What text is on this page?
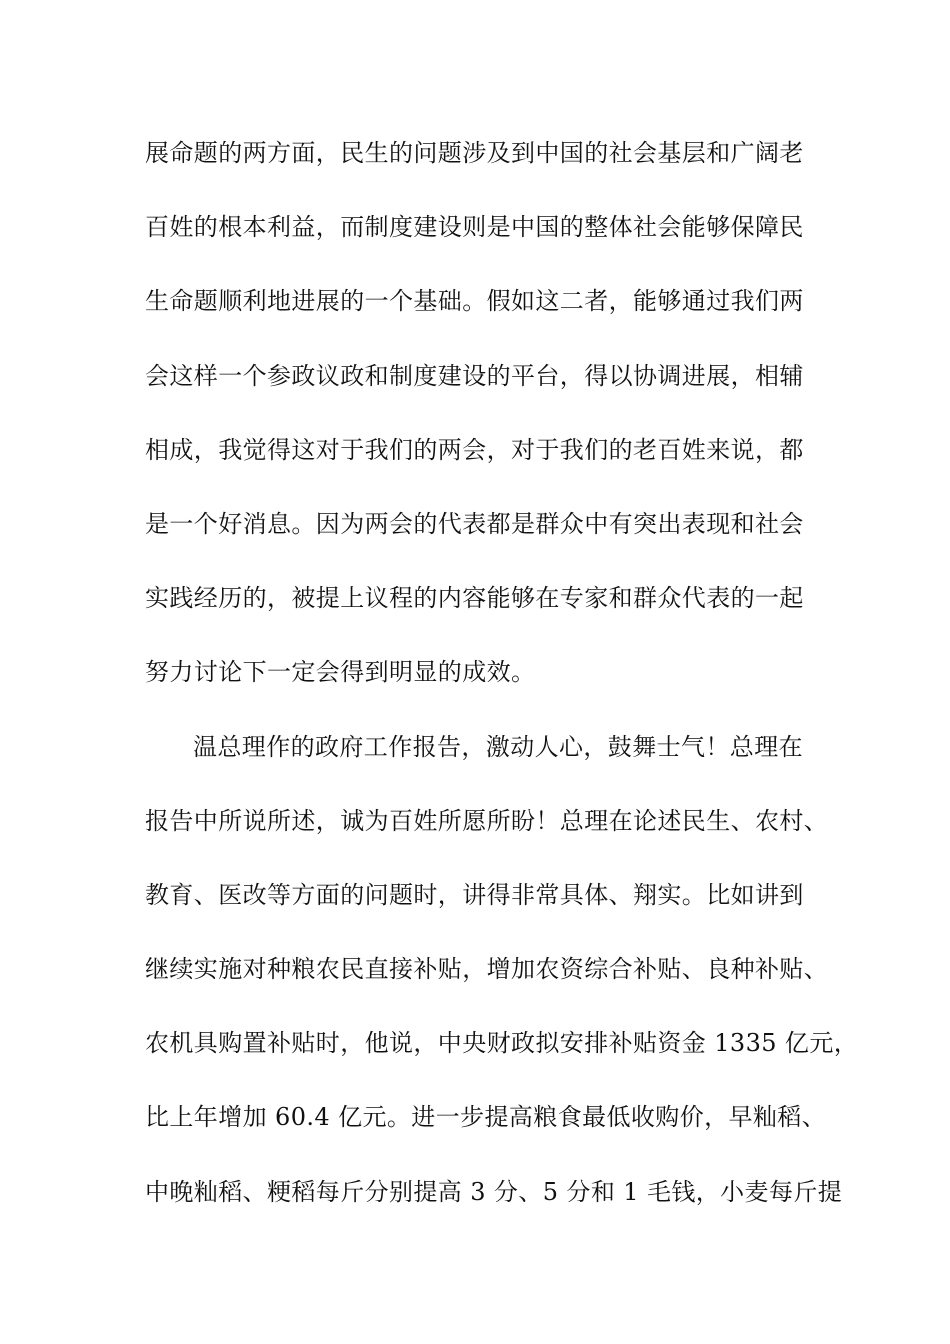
展命题的两方面，民生的问题涉及到中国的社会基层和广阔老
百姓的根本利益，而制度建设则是中国的整体社会能够保障民
生命题顺利地进展的一个基础。假如这二者，能够通过我们两
会这样一个参政议政和制度建设的平台，得以协调进展，相辅
相成，我觉得这对于我们的两会，对于我们的老百姓来说，都
是一个好消息。因为两会的代表都是群众中有突出表现和社会
实践经历的，被提上议程的内容能够在专家和群众代表的一起
努力讨论下一定会得到明显的成效。
温总理作的政府工作报告，激动人心，鼓舞士气！总理在
报告中所说所述，诚为百姓所愿所盼！总理在论述民生、农村、
教育、医改等方面的问题时，讲得非常具体、翔实。比如讲到
继续实施对种粮农民直接补贴，增加农资综合补贴、良种补贴、
农机具购置补贴时，他说，中央财政拟安排补贴资金 1335 亿元，
比上年增加 60.4 亿元。进一步提高粮食最低收购价，早籼稻、
中晚籼稻、粳稻每斤分别提高 3 分、5 分和 1 毛钱，小麦每斤提
